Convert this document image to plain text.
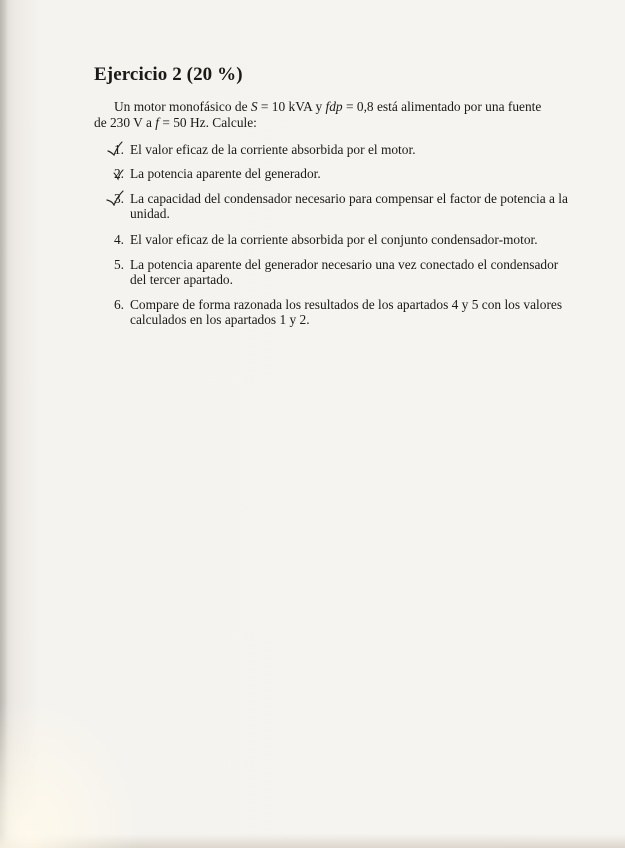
Ejercicio 2 (20 %)
Un motor monofásico de S = 10 kVA y fdp = 0,8 está alimentado por una fuente
de 230 V a f = 50 Hz. Calcule:
1. El valor eficaz de la corriente absorbida por el motor.
2. La potencia aparente del generador.
3. La capacidad del condensador necesario para compensar el factor de potencia a la unidad.
4. El valor eficaz de la corriente absorbida por el conjunto condensador-motor.
5. La potencia aparente del generador necesario una vez conectado el condensador del tercer apartado.
6. Compare de forma razonada los resultados de los apartados 4 y 5 con los valores calculados en los apartados 1 y 2.
